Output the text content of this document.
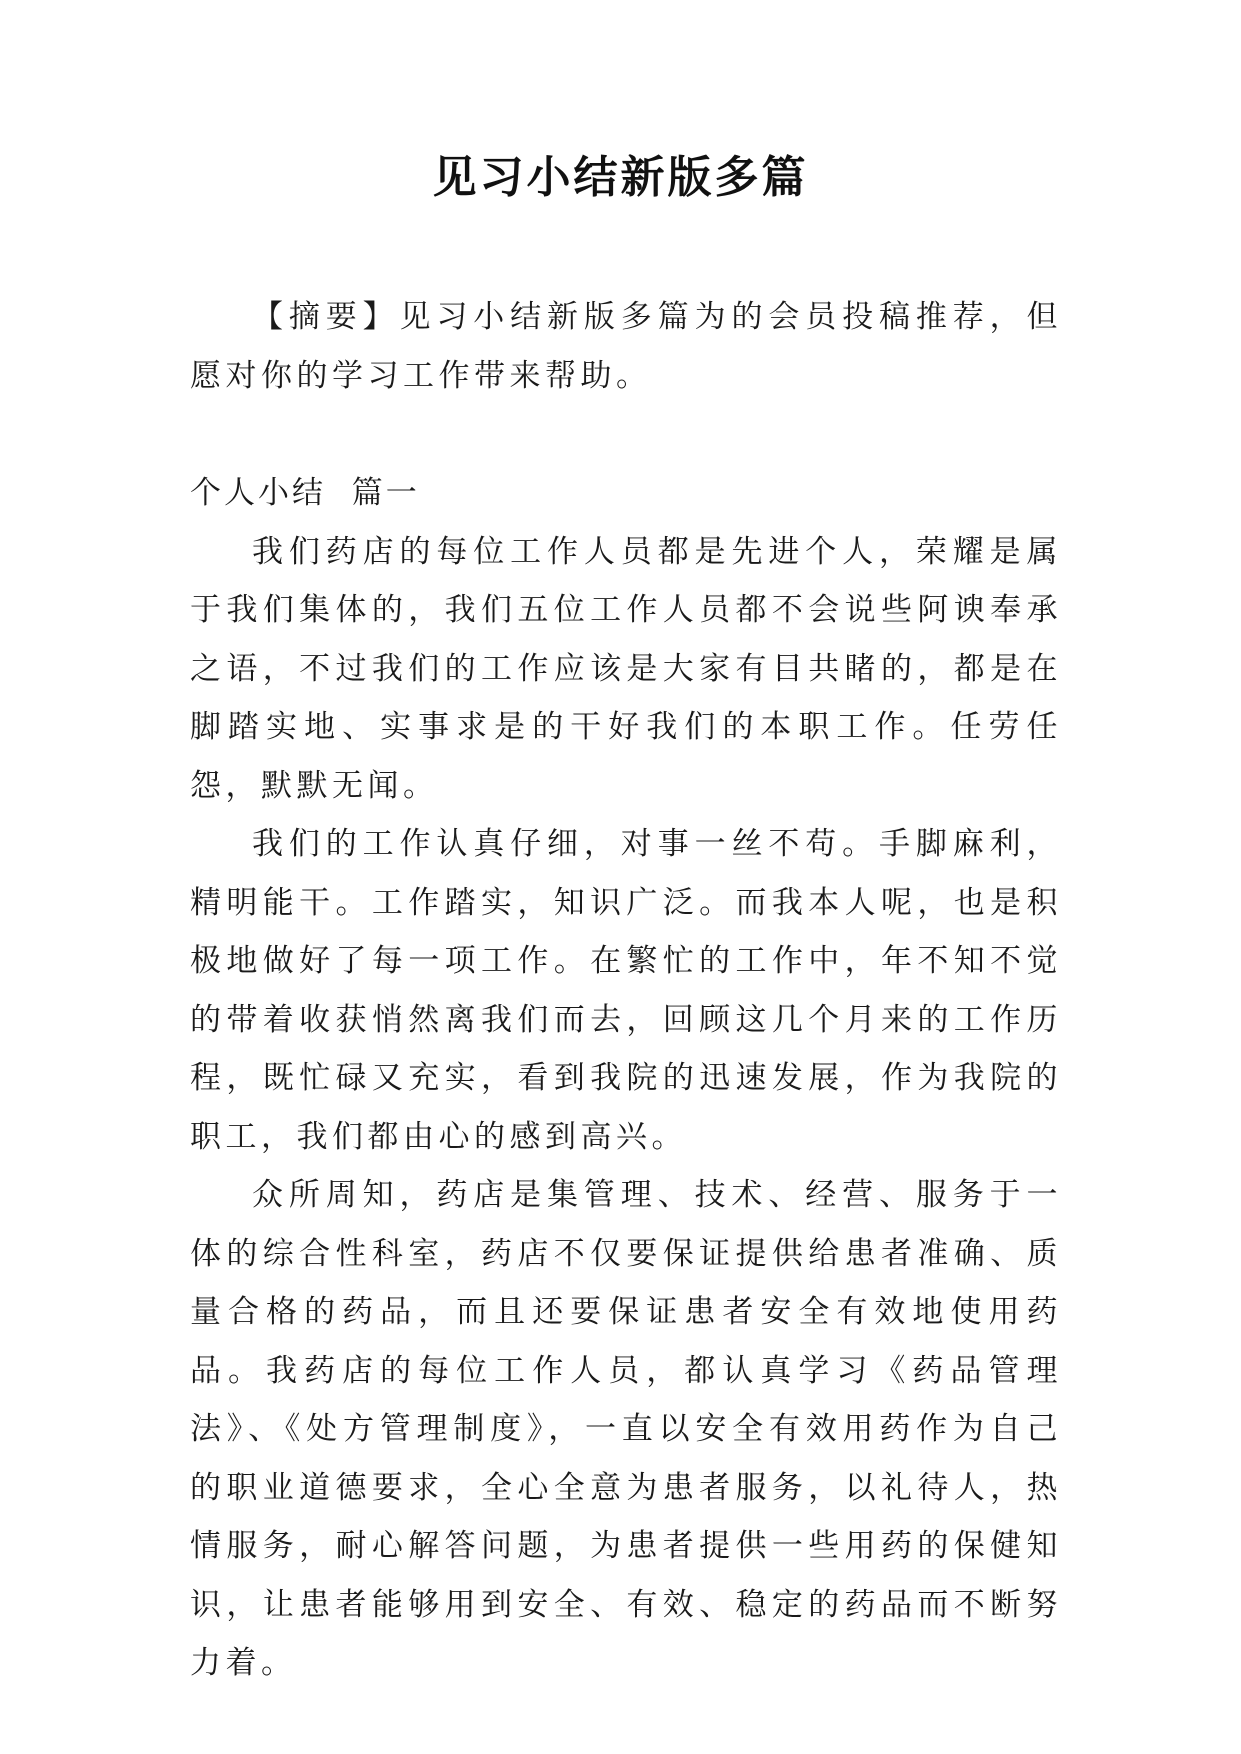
见习小结新版多篇

【摘要】见习小结新版多篇为的会员投稿推荐，但愿对你的学习工作带来帮助。

个人小结  篇一

我们药店的每位工作人员都是先进个人，荣耀是属于我们集体的，我们五位工作人员都不会说些阿谀奉承之语，不过我们的工作应该是大家有目共睹的，都是在脚踏实地、实事求是的干好我们的本职工作。任劳任怨，默默无闻。

我们的工作认真仔细，对事一丝不苟。手脚麻利，精明能干。工作踏实，知识广泛。而我本人呢，也是积极地做好了每一项工作。在繁忙的工作中，年不知不觉的带着收获悄然离我们而去，回顾这几个月来的工作历程，既忙碌又充实，看到我院的迅速发展，作为我院的职工，我们都由心的感到高兴。

众所周知，药店是集管理、技术、经营、服务于一体的综合性科室，药店不仅要保证提供给患者准确、质量合格的药品，而且还要保证患者安全有效地使用药品。我药店的每位工作人员，都认真学习《药品管理法》、《处方管理制度》，一直以安全有效用药作为自己的职业道德要求，全心全意为患者服务，以礼待人，热情服务，耐心解答问题，为患者提供一些用药的保健知识，让患者能够用到安全、有效、稳定的药品而不断努力着。
